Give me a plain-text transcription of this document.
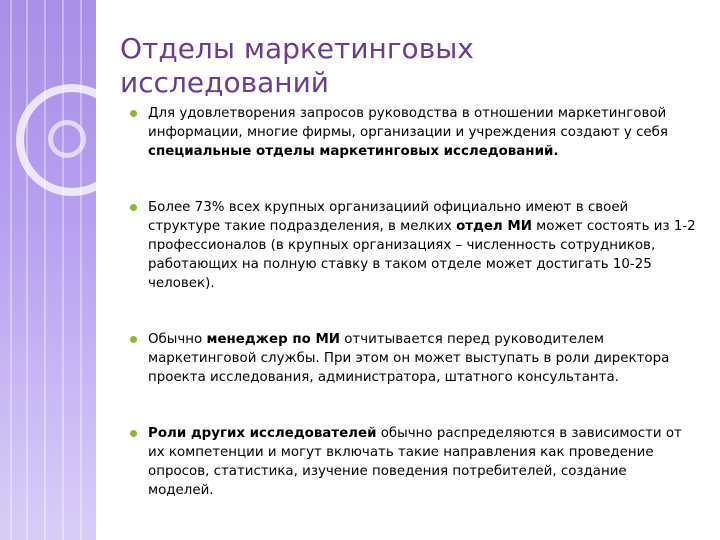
Отделы маркетинговых исследований
Для удовлетворения запросов руководства в отношении маркетинговой информации, многие фирмы, организации и учреждения создают у себя специальные отделы маркетинговых исследований.
Более 73% всех крупных организациий официально имеют в своей структуре такие подразделения, в мелких отдел МИ может состоять из 1-2 профессионалов (в крупных организациях – численность сотрудников, работающих на полную ставку в таком отделе может достигать 10-25 человек).
Обычно менеджер по МИ отчитывается перед руководителем маркетинговой службы. При этом он может выступать в роли директора проекта исследования, администратора, штатного консультанта.
Роли других исследователей обычно распределяются в зависимости от их компетенции и могут включать такие направления как проведение опросов, статистика, изучение поведения потребителей, создание моделей.
